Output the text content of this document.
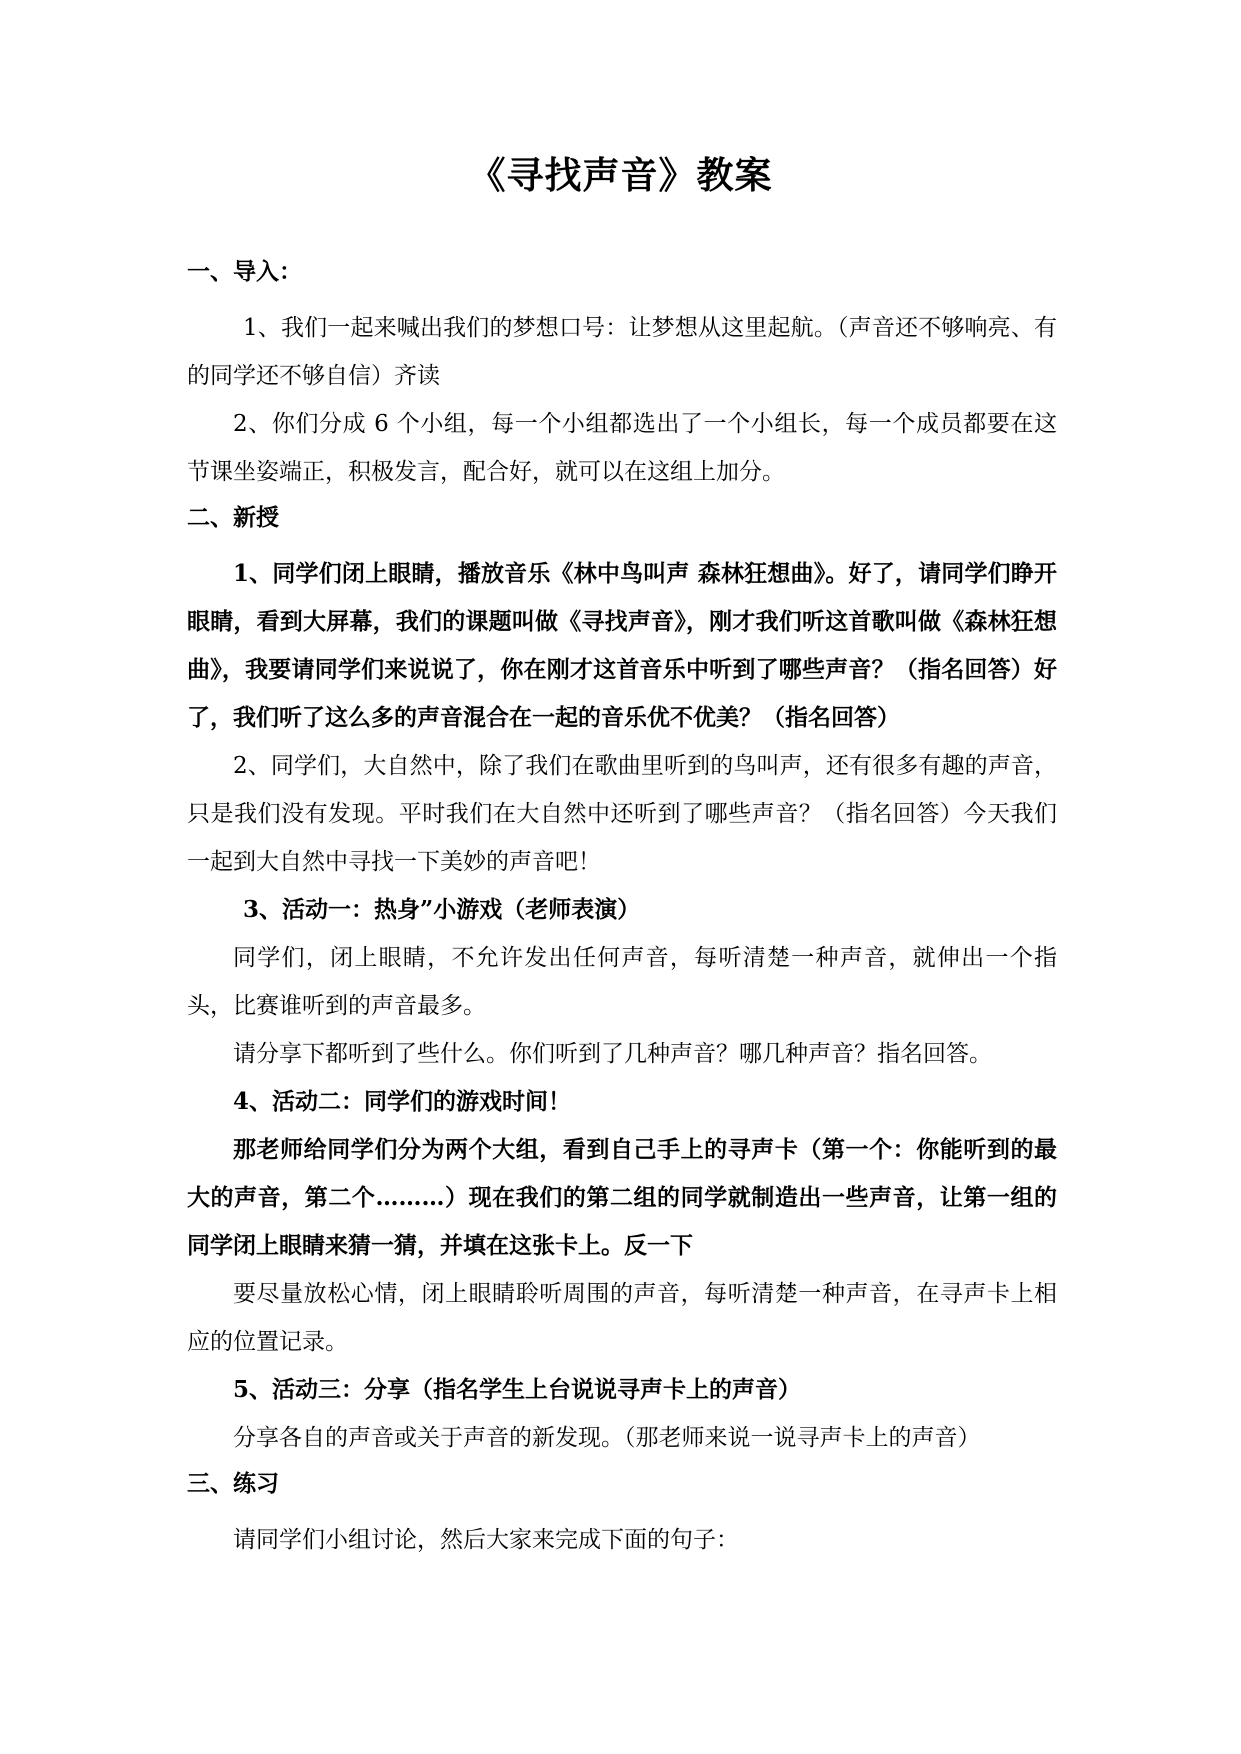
《寻找声音》教案
一、导入：

1、我们一起来喊出我们的梦想口号：让梦想从这里起航。（声音还不够响亮、有的同学还不够自信）齐读

2、你们分成 6 个小组，每一个小组都选出了一个小组长，每一个成员都要在这节课坐姿端正，积极发言，配合好，就可以在这组上加分。

二、新授

1、同学们闭上眼睛，播放音乐《林中鸟叫声 森林狂想曲》。好了，请同学们睁开眼睛，看到大屏幕，我们的课题叫做《寻找声音》，刚才我们听这首歌叫做《森林狂想曲》，我要请同学们来说说了，你在刚才这首音乐中听到了哪些声音？（指名回答）好了，我们听了这么多的声音混合在一起的音乐优不优美？（指名回答）

2、同学们，大自然中，除了我们在歌曲里听到的鸟叫声，还有很多有趣的声音，只是我们没有发现。平时我们在大自然中还听到了哪些声音？（指名回答）今天我们一起到大自然中寻找一下美妙的声音吧！

3、活动一：热身”小游戏（老师表演）

同学们，闭上眼睛，不允许发出任何声音，每听清楚一种声音，就伸出一个指头，比赛谁听到的声音最多。

请分享下都听到了些什么。你们听到了几种声音？哪几种声音？指名回答。

4、活动二：同学们的游戏时间！

那老师给同学们分为两个大组，看到自己手上的寻声卡（第一个：你能听到的最大的声音，第二个………）现在我们的第二组的同学就制造出一些声音，让第一组的同学闭上眼睛来猜一猜，并填在这张卡上。反一下

要尽量放松心情，闭上眼睛聆听周围的声音，每听清楚一种声音，在寻声卡上相应的位置记录。

5、活动三：分享（指名学生上台说说寻声卡上的声音）

分享各自的声音或关于声音的新发现。（那老师来说一说寻声卡上的声音）

三、练习

请同学们小组讨论，然后大家来完成下面的句子：
